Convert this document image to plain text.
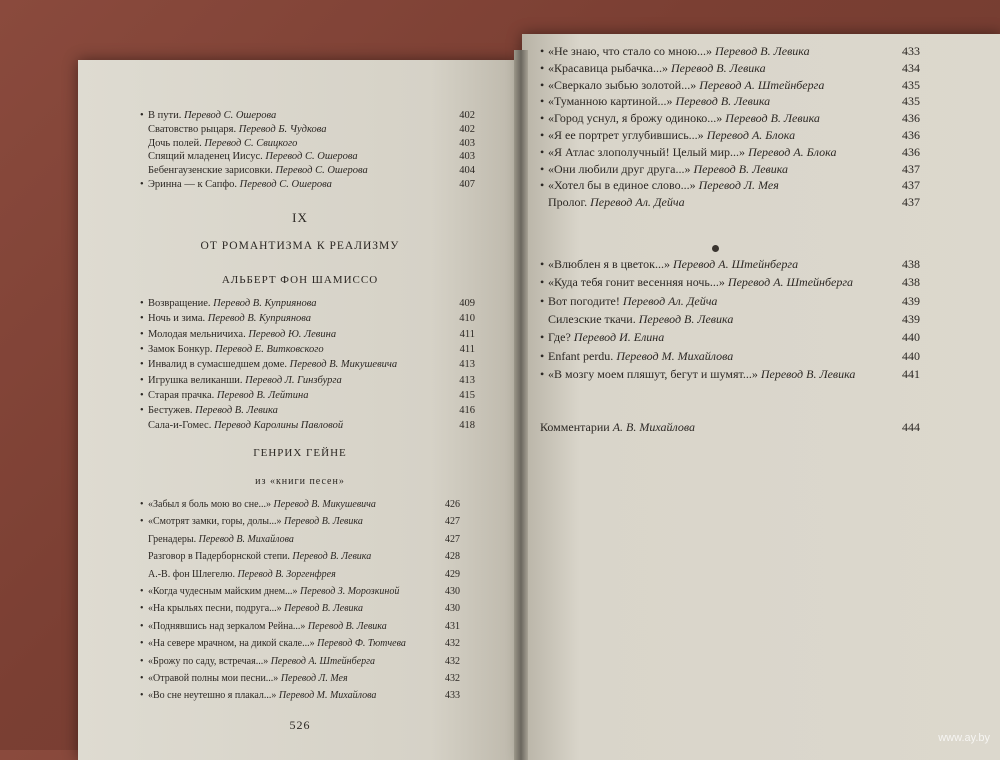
• В пути. Перевод С. Ошерова	402
Сватовство рыцаря. Перевод Б. Чудкова	402
Дочь полей. Перевод С. Свицкого	403
Спящий младенец Иисус. Перевод С. Ошерова	403
Бебенгаузенские зарисовки. Перевод С. Ошерова	404
• Эринна — к Сапфо. Перевод С. Ошерова	407
IX
ОТ РОМАНТИЗМА К РЕАЛИЗМУ
АЛЬБЕРТ ФОН ШАМИССО
• Возвращение. Перевод В. Куприянова	409
• Ночь и зима. Перевод В. Куприянова	410
• Молодая мельничиха. Перевод Ю. Левина	411
• Замок Бонкур. Перевод Е. Витковского	411
• Инвалид в сумасшедшем доме. Перевод В. Микушевича	413
• Игрушка великанши. Перевод Л. Гинзбурга	413
• Старая прачка. Перевод В. Лейтина	415
• Бестужев. Перевод В. Левика	416
Сала-и-Гомес. Перевод Каролины Павловой	418
ГЕНРИХ ГЕЙНЕ
из «книги песен»
• «Забыл я боль мою во сне...» Перевод В. Микушевича	426
• «Смотрят замки, горы, долы...» Перевод В. Левика	427
Гренадеры. Перевод В. Михайлова	427
Разговор в Падерборнской степи. Перевод В. Левика	428
А.-В. фон Шлегелю. Перевод В. Зоргенфрея	429
• «Когда чудесным майским днем...» Перевод З. Морозкиной	430
• «На крыльях песни, подруга...» Перевод В. Левика	430
• «Поднявшись над зеркалом Рейна...» Перевод В. Левика	431
• «На севере мрачном, на дикой скале...» Перевод Ф. Тютчева	432
• «Брожу по саду, встречая...» Перевод А. Штейнберга	432
• «Отравой полны мои песни...» Перевод Л. Мея	432
• «Во сне неутешно я плакал...» Перевод М. Михайлова	433
526
• «Не знаю, что стало со мною...» Перевод В. Левика	433
• «Красавица рыбачка...» Перевод В. Левика	434
• «Сверкало зыбью золотой...» Перевод А. Штейнберга	435
• «Туманною картиной...» Перевод В. Левика	435
• «Город уснул, я брожу одиноко...» Перевод В. Левика	436
• «Я ее портрет углубившись...» Перевод А. Блока	436
• «Я Атлас злополучный! Целый мир...» Перевод А. Блока	436
• «Они любили друг друга...» Перевод В. Левика	437
• «Хотел бы в единое слово...» Перевод Л. Мея	437
Пролог. Перевод Ал. Дейча	437
• «Влюблен я в цветок...» Перевод А. Штейнберга	438
• «Куда тебя гонит весенняя ночь...» Перевод А. Штейнберга	438
• Вот погодите! Перевод Ал. Дейча	439
Силезские ткачи. Перевод В. Левика	439
• Где? Перевод И. Елина	440
• Enfant perdu. Перевод М. Михайлова	440
• «В мозгу моем пляшут, бегут и шумят...» Перевод В. Левика	441
Комментарии А. В. Михайлова	444
www.ay.by
